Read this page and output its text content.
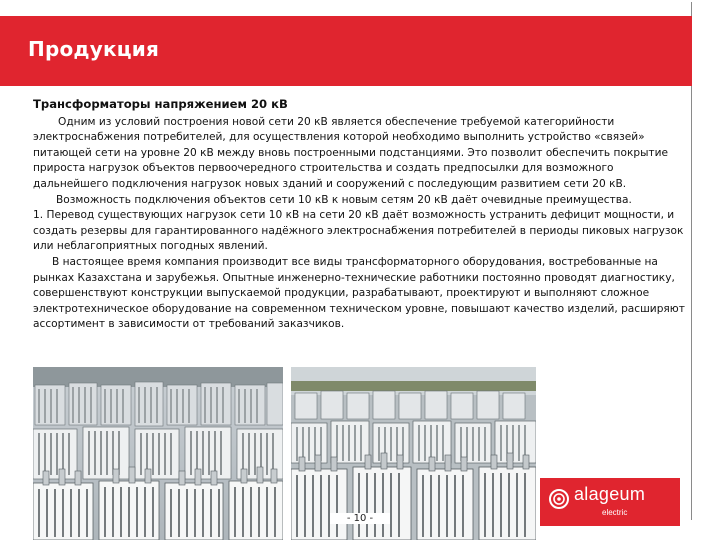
Продукция
Трансформаторы напряжением 20 кВ

Одним из условий построения новой сети 20 кВ является обеспечение требуемой категорийности электроснабжения потребителей, для осуществления которой необходимо выполнить устройство «связей» питающей сети на уровне 20 кВ между вновь построенными подстанциями. Это позволит обеспечить покрытие прироста нагрузок объектов первоочередного строительства и создать предпосылки для возможного дальнейшего подключения нагрузок новых зданий и сооружений с последующим развитием сети 20 кВ.

Возможность подключения объектов сети 10 кВ к новым сетям 20 кВ даёт очевидные преимущества.

1. Перевод существующих нагрузок сети 10 кВ на сети 20 кВ даёт возможность устранить дефицит мощности, и создать резервы для гарантированного надёжного электроснабжения потребителей в периоды пиковых нагрузок или неблагоприятных погодных явлений.

В настоящее время компания производит все виды трансформаторного оборудования, востребованные на рынках Казахстана и зарубежья. Опытные инженерно-технические работники постоянно проводят диагностику, совершенствуют конструкции выпускаемой продукции, разрабатывают, проектируют и выполняют сложное электротехническое оборудование на современном техническом уровне, повышают качество изделий, расширяют ассортимент в зависимости от требований заказчиков.

- 10 -
alageum
electric
